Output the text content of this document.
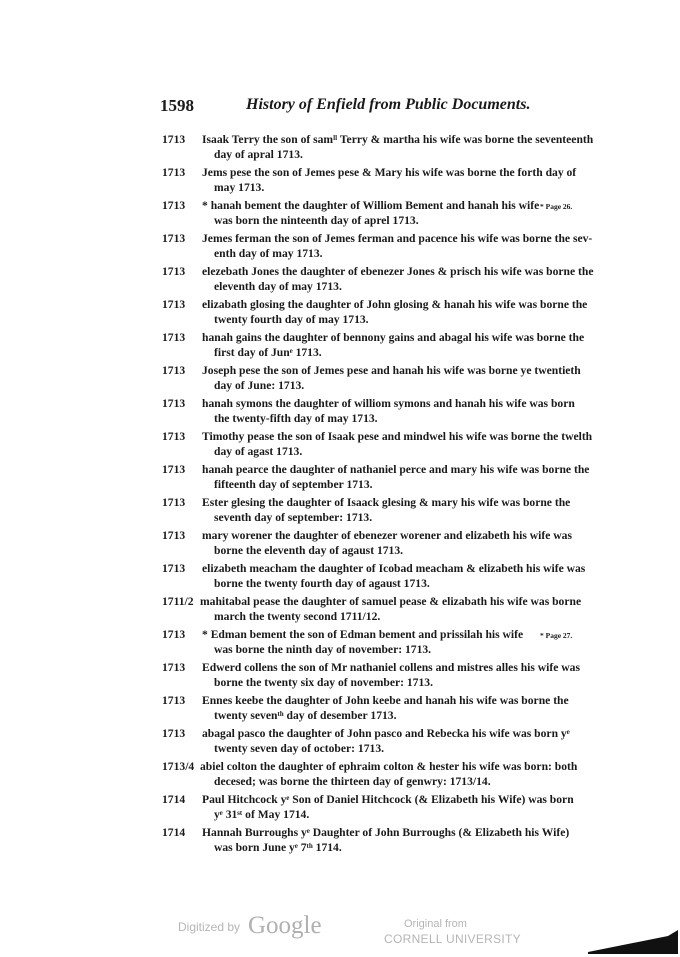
1598	History of Enfield from Public Documents.
1713	Isaak Terry the son of samˡˡ Terry & martha his wife was borne the seventeenth
day of apral 1713.
1713	Jems pese the son of Jemes pese & Mary his wife was borne the forth day of
may 1713.
1713	* hanah bement the daughter of Williom Bement and hanah his wife
was born the ninteenth day of aprel 1713.
* Page 26.
1713	Jemes ferman the son of Jemes ferman and pacence his wife was borne the sev-
enth day of may 1713.
1713	elezebath Jones the daughter of ebenezer Jones & prisch his wife was borne the
eleventh day of may 1713.
1713	elizabath glosing the daughter of John glosing & hanah his wife was borne the
twenty fourth day of may 1713.
1713	hanah gains the daughter of bennony gains and abagal his wife was borne the
first day of Junᵉ 1713.
1713	Joseph pese the son of Jemes pese and hanah his wife was borne ye twentieth
day of June: 1713.
1713	hanah symons the daughter of williom symons and hanah his wife was born
the twenty-fifth day of may 1713.
1713	Timothy pease the son of Isaak pese and mindwel his wife was borne the twelth
day of agast 1713.
1713	hanah pearce the daughter of nathaniel perce and mary his wife was borne the
fifteenth day of september 1713.
1713	Ester glesing the daughter of Isaack glesing & mary his wife was borne the
seventh day of september: 1713.
1713	mary worener the daughter of ebenezer worener and elizabeth his wife was
borne the eleventh day of agaust 1713.
1713	elizabeth meacham the daughter of Icobad meacham & elizabeth his wife was
borne the twenty fourth day of agaust 1713.
1711/2 mahitabal pease the daughter of samuel pease & elizabath his wife was borne
march the twenty second 1711/12.
1713	* Edman bement the son of Edman bement and prissilah his wife
was borne the ninth day of november: 1713.
* Page 27.
1713	Edwerd collens the son of Mr nathaniel collens and mistres alles his wife was
borne the twenty six day of november: 1713.
1713	Ennes keebe the daughter of John keebe and hanah his wife was borne the
twenty sevenᵗʰ day of desember 1713.
1713	abagal pasco the daughter of John pasco and Rebecka his wife was born yᵉ
twenty seven day of october: 1713.
1713/4 abiel colton the daughter of ephraim colton & hester his wife was born: both
decesed; was borne the thirteen day of genwry: 1713/14.
1714	Paul Hitchcock yᵉ Son of Daniel Hitchcock (& Elizabeth his Wife) was born
yᵉ 31ˢᵗ of May 1714.
1714	Hannah Burroughs yᵉ Daughter of John Burroughs (& Elizabeth his Wife)
was born June yᵉ 7ᵗʰ 1714.
Digitized by Google	Original from
CORNELL UNIVERSITY
